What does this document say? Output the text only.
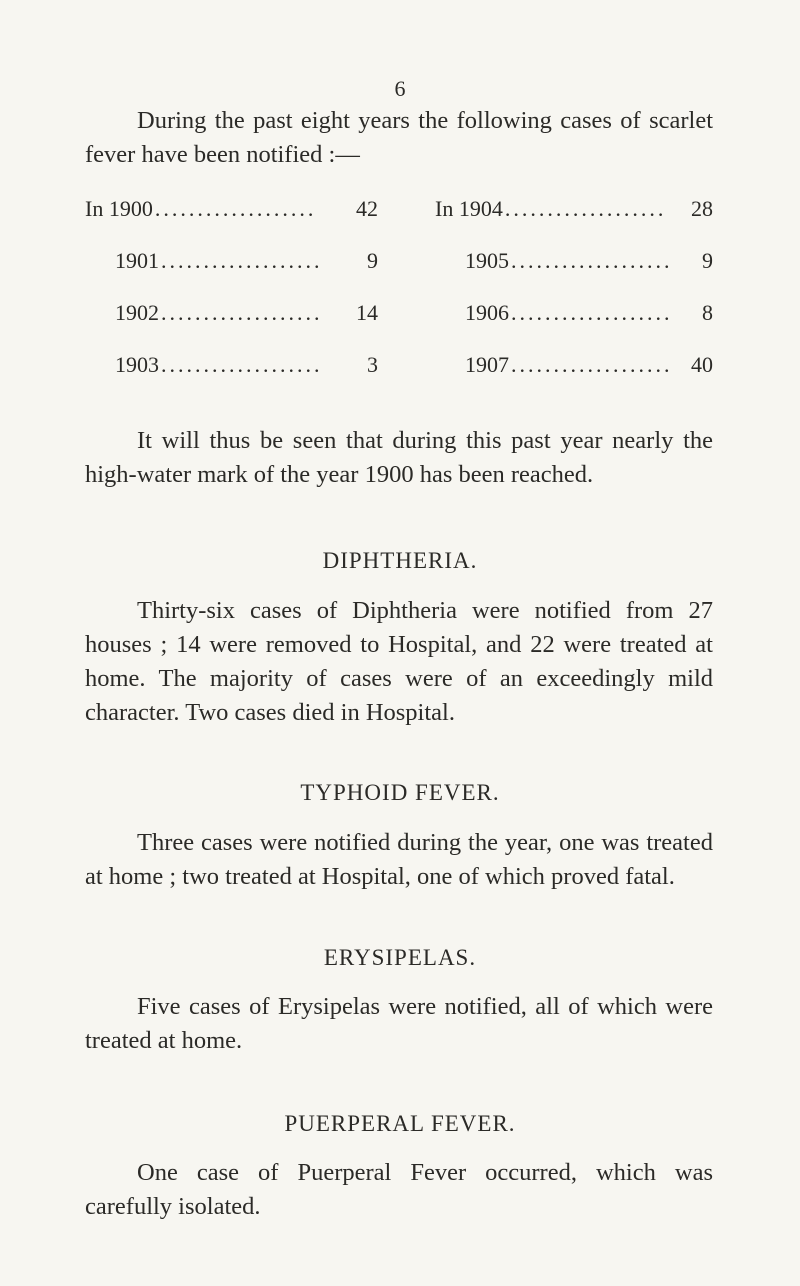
6

During the past eight years the following cases of scarlet fever have been notified :—

In 1900 ...................	42
1901 ...................	9
1902 ...................	14
1903 ...................	3
In 1904 ...................	28
1905 ...................	9
1906 ...................	8
1907 ................... 40

It will thus be seen that during this past year nearly the high-water mark of the year 1900 has been reached.

DIPHTHERIA.

Thirty-six cases of Diphtheria were notified from 27 houses ; 14 were removed to Hospital, and 22 were treated at home. The majority of cases were of an exceedingly mild character. Two cases died in Hospital.

TYPHOID FEVER.

Three cases were notified during the year, one was treated at home ; two treated at Hospital, one of which proved fatal.

ERYSIPELAS.

Five cases of Erysipelas were notified, all of which were treated at home.

PUERPERAL FEVER.

One case of Puerperal Fever occurred, which was carefully isolated.
